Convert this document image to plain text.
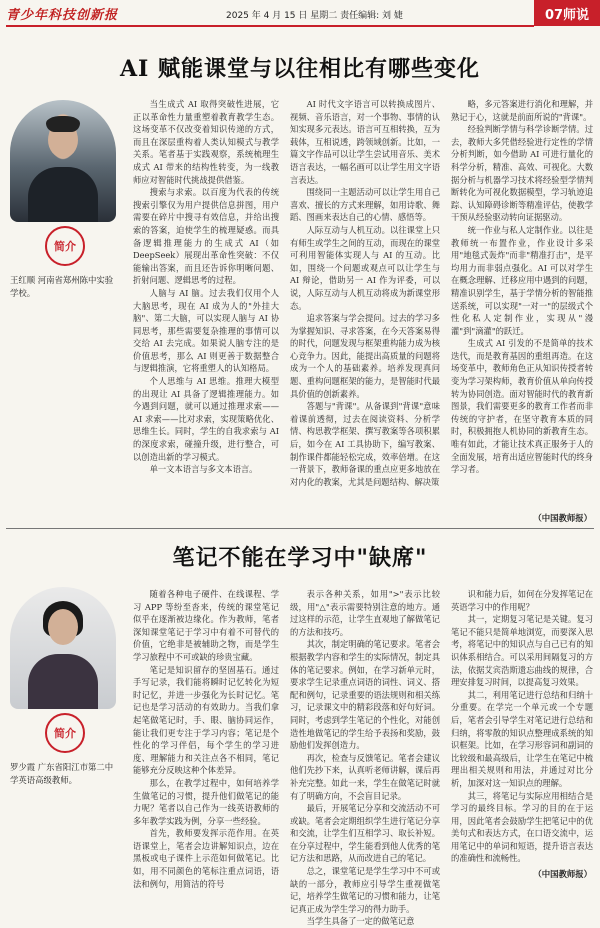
青少年科技创新报	2025 年 4 月 15 日 星期二 责任编辑: 刘 婕	07师说
AI 赋能课堂与以往相比有哪些变化
简介
王红顺 河南省郑州陈中实验学校。

当生成式 AI 取得突破性进展，它正以革命性力量重塑着教育教学生态。这场变革不仅改变着知识传递的方式，而且在深层重构着人类认知模式与教学关系。笔者基于实践观察，系统梳理生成式 AI 带来的结构性转变，为一线教师应对智能时代挑战提供借鉴。

搜索与求索。以百度为代表的传统搜索引擎仅为用户提供信息拼图，用户需要在碎片中搜寻有效信息，并给出搜索的答案，迫使学生的梳理疑惑。而具备逻辑推理能力的生成式 AI（如 DeepSeek）展现出革命性突破：不仅能输出答案，而且还告诉你明晰问题、折射问题、逻辑思考的过程。

人脑与 AI 脑。过去我们仅用个人大脑思考，现在 AI 成为人的"外挂大脑"、第二大脑，可以实现人脑与 AI 协同思考，那些需要复杂推理的事情可以交给 AI 去完成。如果说人脑专注的是价值思考，那么 AI 则更善于数据整合与逻辑推演，它将重塑人的认知格局。

个人思维与 AI 思维。推理大模型的出现让 AI 具备了逻辑推理能力。如今遇到问题，就可以通过推理求索——AI 求索——比对求索，实现策略优化、思维生长。同时，学生的自我求索与 AI 的深度求索，碰撞升级，进行整合，可以创造出新的学习模式。

单一文本语言与多文本语言。

AI 时代文字语言可以转换成图片、视频、音乐语言，对一个事物、事情的认知实现多元表达。语言可互相转换，互为载体，互相说透，跨领域创新。比如，一篇文字作品可以让学生尝试用音乐、美术语言表达，一幅名画可以让学生用文字语言表达。

围绕同一主题活动可以让学生用自己喜欢、擅长的方式来理解，如用诗歌、舞蹈、图画来表达自己的心情、感悟等。

人际互动与人机互动。以往课堂上只有师生或学生之间的互动，而现在的课堂可利用智能体实现人与 AI 的互动。比如，围绕一个问题或观点可以让学生与 AI 辩论，借助另一 AI 作为评委，可以说，人际互动与人机互动将成为新课堂形态。

追求答案与学会提问。过去的学习多为掌握知识、寻求答案，在今天答案易得的时代，问题发现与框架重构能力成为核心竞争力。因此，能提出高质量的问题将成为一个人的基础素养。培养发现真问题、重构问题框架的能力，是智能时代最具价值的创新素养。

答题与"背课"。从备课到"背课"意味着课前透彻，过去在阅读资料、分析学情、构思教学框架、撰写教案等各项积累后，如今在 AI 工具协助下，编写教案、制作课件都能轻松完成，效率倍增。在这一背景下，教师备课的重点应更多地放在对内化的教案，尤其是问题结构、解决策

略，多元答案进行消化和理解，并熟记于心，这就是前面所说的"背课"。

经验判断学情与科学诊断学情。过去，教师大多凭借经验进行定性的学情分析判断，如今借助 AI 可进行量化的科学分析，精准、高效、可视化。大数据分析与机器学习技术将经验型学情判断转化为可视化数据模型，学习轨迹追踪、认知障碍诊断等精准评估，使教学干预从经验驱动转向证据驱动。

统一作业与私人定制作业。以往是教师统一布置作业，作业设计多采用"地毯式轰炸"而非"精准打击"，是平均用力而非弱点强化。AI 可以对学生在概念理解、迁移应用中遇到的问题，精准识别学生，基于学情分析的智能推送系统，可以实现"一对一"的层级式个性化私人定制作业，实现从"漫灌"到"滴灌"的跃迁。

生成式 AI 引发的不是简单的技术迭代，而是教育基因的重组再造。在这场变革中，教师角色正从知识传授者转变为学习架构师，教育价值从单向传授转为协同创造。面对智能时代的教育新图景，我们需要更多的教育工作者而非传统的守护者，在坚守教育本质的同时，积极拥抱人机协同的新教育生态。唯有如此，才能让技术真正服务于人的全面发展，培育出适应智能时代的终身学习者。

（中国教师报）
笔记不能在学习中"缺席"
简介
罗少霞 广东省阳江市第二中学英语高级教师。

随着各种电子硬件、在线课程、学习 APP 等纷至沓来，传统的课堂笔记似乎在逐渐被边缘化。作为教师，笔者深知课堂笔记于学习中有着不可替代的价值，它绝非是被辅助之物，而是学生学习旅程中不可或缺的珍贵宝藏。

笔记是知识留存的坚固基石。通过手写记录，我们能将瞬时记忆转化为短时记忆，并进一步强化为长时记忆。笔记也是学习活动的有效助力。当我们拿起笔做笔记时，手、眼、脑协同运作，能让我们更专注于学习内容；笔记是个性化的学习伴侣，每个学生的学习进度、理解能力和关注点各不相同，笔记能够充分反映这种个体差异。

那么，在教学过程中，如何培养学生做笔记的习惯，提升他们做笔记的能力呢？笔者以自己作为一线英语教师的多年教学实践为例，分享一些经验。

首先，教师要发挥示范作用。在英语课堂上，笔者会边讲解知识点，边在黑板或电子课件上示范如何做笔记。比如，用不同颜色的笔标注重点词语，语法和例句，用简洁的符号

表示各种关系，如用">"表示比较级，用"△"表示需要特别注意的地方。通过这样的示范，让学生直观地了解做笔记的方法和技巧。

其次，制定明确的笔记要求。笔者会根据教学内容和学生的实际情况，制定具体的笔记要求。例如，在学习新单元时，要求学生记录重点词语的词性、词义、搭配和例句，记录重要的语法规则和相关练习，记录课文中的精彩段落和好句好词。同时，考虑到学生笔记的个性化，对能创造性地做笔记的学生给予表扬和奖励，鼓励他们发挥创造力。

再次，检查与反馈笔记。笔者会建议他们先抄下来，认真听老师讲解，课后再补充完整。如此一来，学生在做笔记时就有了明确方向，不会盲目记录。

最后，开展笔记分享和交流活动不可或缺。笔者会定期组织学生进行笔记分享和交流，让学生们互相学习、取长补短。在分享过程中，学生能看到他人优秀的笔记方法和思路，从而改进自己的笔记。

总之，课堂笔记是学生学习中不可或缺的一部分，教师应引导学生重视做笔记，培养学生做笔记的习惯和能力，让笔记真正成为学生学习的得力助手。

当学生具备了一定的做笔记意

识和能力后，如何在分发挥笔记在英语学习中的作用呢？

其一，定期复习笔记是关键。复习笔记不能只是简单地浏览，而要深入思考，将笔记中的知识点与自己已有的知识体系相结合。可以采用间隔复习的方法，依据艾宾浩斯遗忘曲线的规律，合理安排复习时间，以提高复习效果。

其二，利用笔记进行总结和归纳十分重要。在学完一个单元或一个专题后，笔者会引导学生对笔记进行总结和归纳，将零散的知识点整理成系统的知识框架。比如，在学习形容词和副词的比较级和最高级后，让学生在笔记中梳理出相关规则和用法，并通过对比分析，加深对这一知识点的理解。

其三，将笔记与实际应用相结合是学习的最终目标。学习的目的在于运用，因此笔者会鼓励学生把笔记中的优美句式和表达方式，在口语交流中，运用笔记中的单词和短语，提升语言表达的准确性和流畅性。

（中国教师报）
